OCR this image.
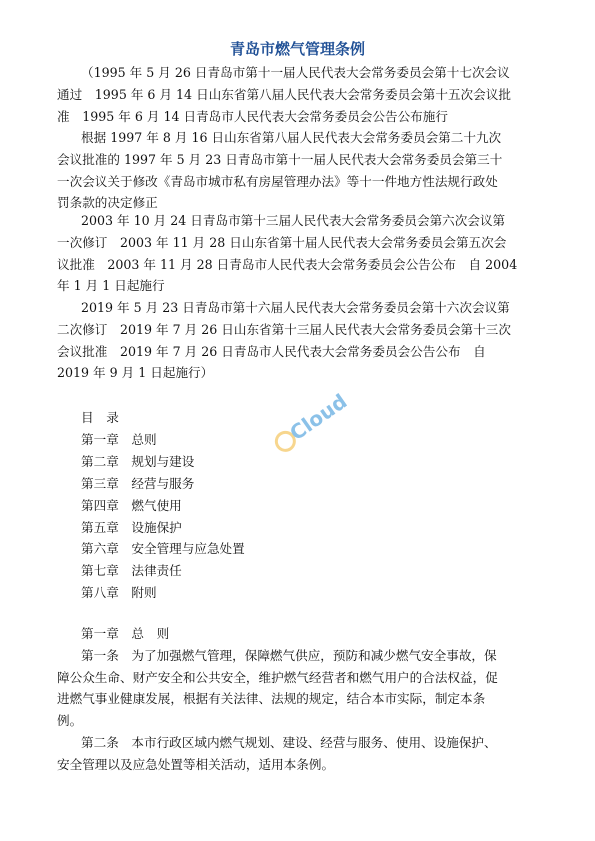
青岛市燃气管理条例
（1995 年 5 月 26 日青岛市第十一届人民代表大会常务委员会第十七次会议
通过　1995 年 6 月 14 日山东省第八届人民代表大会常务委员会第十五次会议批
准　1995 年 6 月 14 日青岛市人民代表大会常务委员会公告公布施行
根据 1997 年 8 月 16 日山东省第八届人民代表大会常务委员会第二十九次
会议批准的 1997 年 5 月 23 日青岛市第十一届人民代表大会常务委员会第三十
一次会议关于修改《青岛市城市私有房屋管理办法》等十一件地方性法规行政处
罚条款的决定修正
2003 年 10 月 24 日青岛市第十三届人民代表大会常务委员会第六次会议第
一次修订　2003 年 11 月 28 日山东省第十届人民代表大会常务委员会第五次会
议批准　2003 年 11 月 28 日青岛市人民代表大会常务委员会公告公布　自 2004
年 1 月 1 日起施行
2019 年 5 月 23 日青岛市第十六届人民代表大会常务委员会第十六次会议第
二次修订　2019 年 7 月 26 日山东省第十三届人民代表大会常务委员会第十三次
会议批准　2019 年 7 月 26 日青岛市人民代表大会常务委员会公告公布　自
2019 年 9 月 1 日起施行）
目　录
第一章　总则
第二章　规划与建设
第三章　经营与服务
第四章　燃气使用
第五章　设施保护
第六章　安全管理与应急处置
第七章　法律责任
第八章　附则
第一章　总　则
第一条　为了加强燃气管理，保障燃气供应，预防和减少燃气安全事故，保
障公众生命、财产安全和公共安全，维护燃气经营者和燃气用户的合法权益，促
进燃气事业健康发展，根据有关法律、法规的规定，结合本市实际，制定本条
例。
第二条　本市行政区域内燃气规划、建设、经营与服务、使用、设施保护、
安全管理以及应急处置等相关活动，适用本条例。
Cloud
